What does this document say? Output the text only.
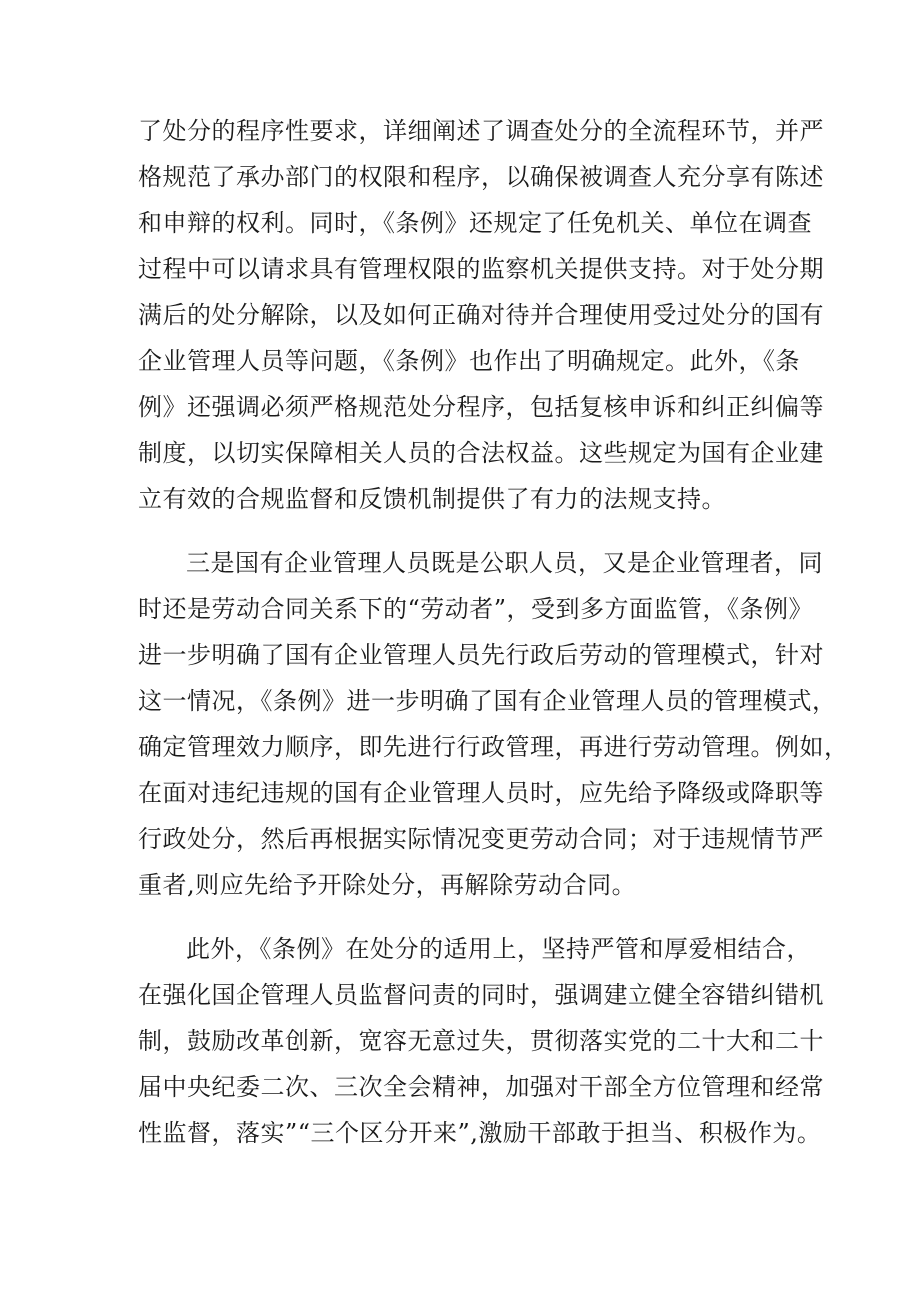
了处分的程序性要求，详细阐述了调查处分的全流程环节，并严
格规范了承办部门的权限和程序，以确保被调查人充分享有陈述
和申辩的权利。同时，《条例》还规定了任免机关、单位在调查
过程中可以请求具有管理权限的监察机关提供支持。对于处分期
满后的处分解除，以及如何正确对待并合理使用受过处分的国有
企业管理人员等问题，《条例》也作出了明确规定。此外，《条
例》还强调必须严格规范处分程序，包括复核申诉和纠正纠偏等
制度，以切实保障相关人员的合法权益。这些规定为国有企业建
立有效的合规监督和反馈机制提供了有力的法规支持。
三是国有企业管理人员既是公职人员，又是企业管理者，同
时还是劳动合同关系下的“劳动者”，受到多方面监管，《条例》
进一步明确了国有企业管理人员先行政后劳动的管理模式，针对
这一情况，《条例》进一步明确了国有企业管理人员的管理模式，
确定管理效力顺序，即先进行行政管理，再进行劳动管理。例如，
在面对违纪违规的国有企业管理人员时，应先给予降级或降职等
行政处分，然后再根据实际情况变更劳动合同；对于违规情节严
重者,则应先给予开除处分，再解除劳动合同。
此外，《条例》在处分的适用上，坚持严管和厚爱相结合，
在强化国企管理人员监督问责的同时，强调建立健全容错纠错机
制，鼓励改革创新，宽容无意过失，贯彻落实党的二十大和二十
届中央纪委二次、三次全会精神，加强对干部全方位管理和经常
性监督，落实”“三个区分开来”,激励干部敢于担当、积极作为。
